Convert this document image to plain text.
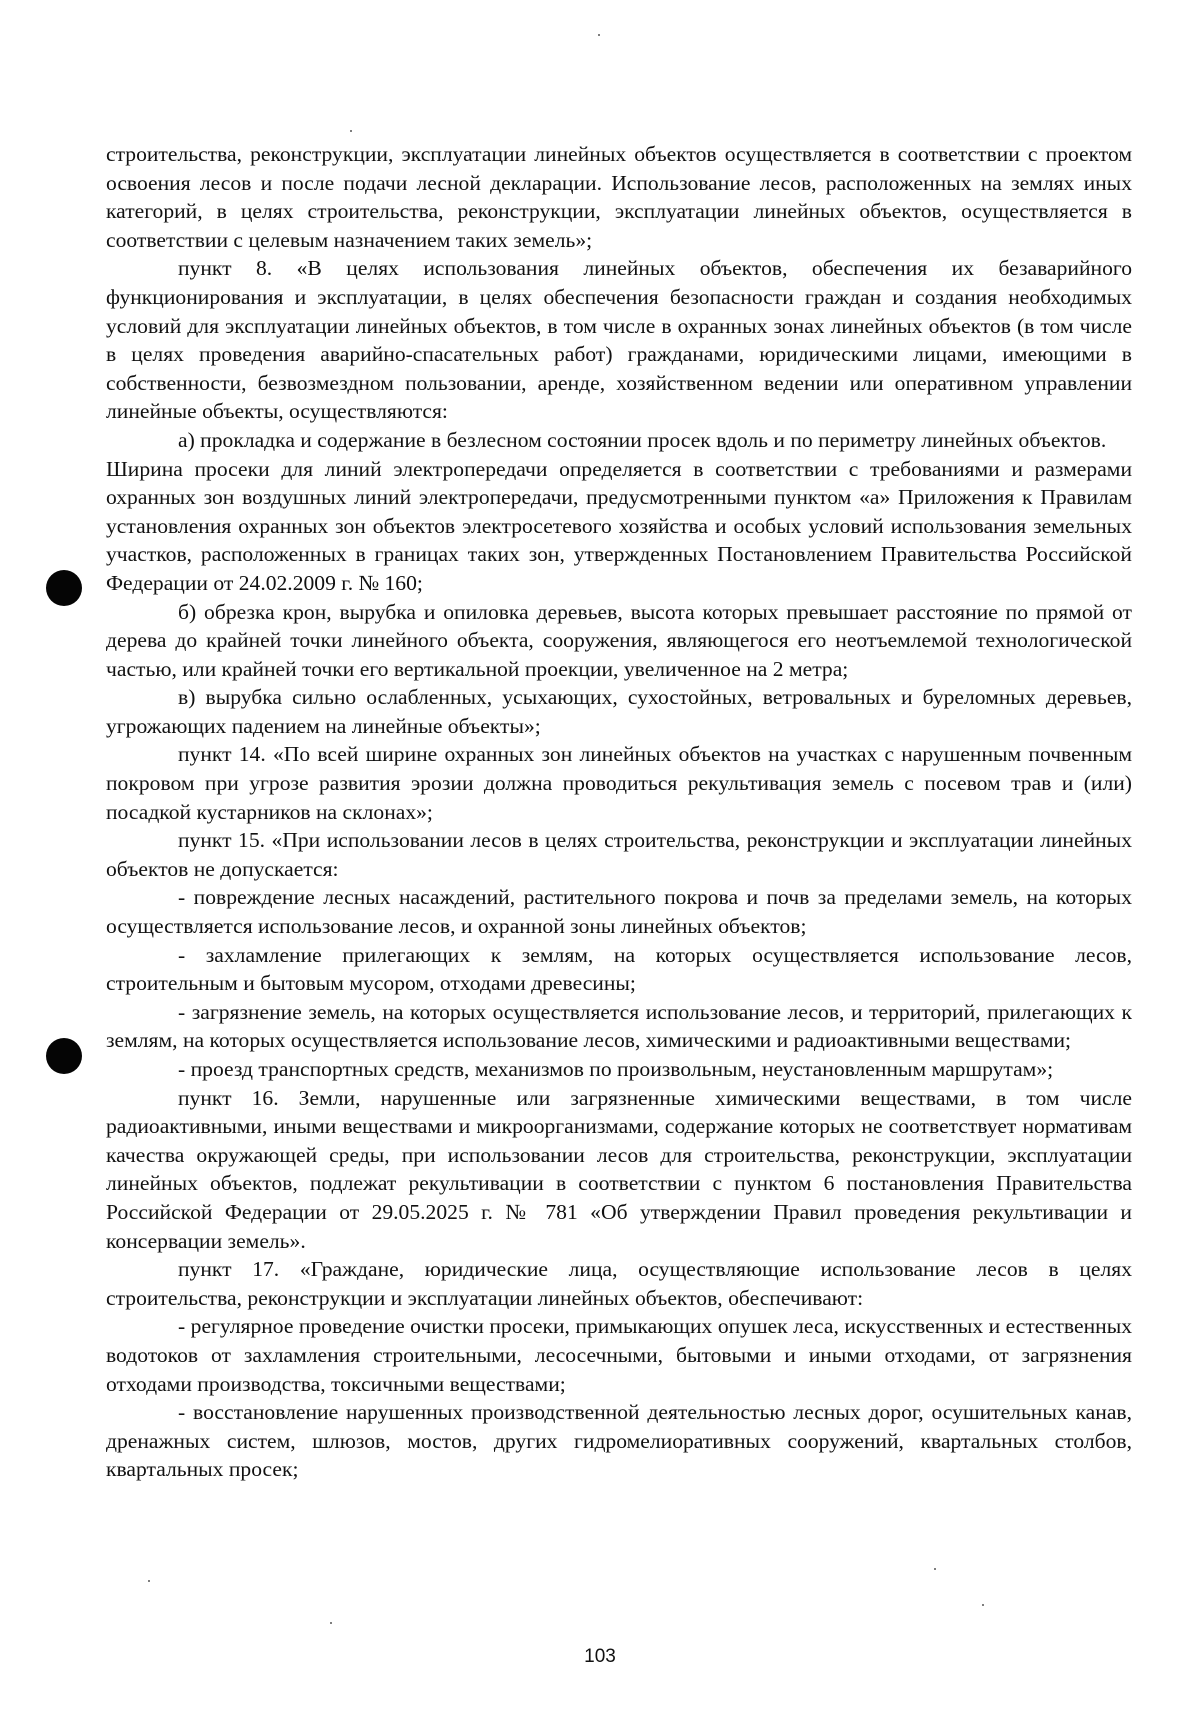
строительства, реконструкции, эксплуатации линейных объектов осуществляется в соответствии с проектом освоения лесов и после подачи лесной декларации. Использование лесов, расположенных на землях иных категорий, в целях строительства, реконструкции, эксплуатации линейных объектов, осуществляется в соответствии с целевым назначением таких земель»;

пункт 8. «В целях использования линейных объектов, обеспечения их безаварийного функционирования и эксплуатации, в целях обеспечения безопасности граждан и создания необходимых условий для эксплуатации линейных объектов, в том числе в охранных зонах линейных объектов (в том числе в целях проведения аварийно-спасательных работ) гражданами, юридическими лицами, имеющими в собственности, безвозмездном пользовании, аренде, хозяйственном ведении или оперативном управлении линейные объекты, осуществляются:

а) прокладка и содержание в безлесном состоянии просек вдоль и по периметру линейных объектов.

Ширина просеки для линий электропередачи определяется в соответствии с требованиями и размерами охранных зон воздушных линий электропередачи, предусмотренными пунктом «а» Приложения к Правилам установления охранных зон объектов электросетевого хозяйства и особых условий использования земельных участков, расположенных в границах таких зон, утвержденных Постановлением Правительства Российской Федерации от 24.02.2009 г. № 160;

б) обрезка крон, вырубка и опиловка деревьев, высота которых превышает расстояние по прямой от дерева до крайней точки линейного объекта, сооружения, являющегося его неотъемлемой технологической частью, или крайней точки его вертикальной проекции, увеличенное на 2 метра;

в) вырубка сильно ослабленных, усыхающих, сухостойных, ветровальных и буреломных деревьев, угрожающих падением на линейные объекты»;

пункт 14. «По всей ширине охранных зон линейных объектов на участках с нарушенным почвенным покровом при угрозе развития эрозии должна проводиться рекультивация земель с посевом трав и (или) посадкой кустарников на склонах»;

пункт 15. «При использовании лесов в целях строительства, реконструкции и эксплуатации линейных объектов не допускается:

- повреждение лесных насаждений, растительного покрова и почв за пределами земель, на которых осуществляется использование лесов, и охранной зоны линейных объектов;

- захламление прилегающих к землям, на которых осуществляется использование лесов, строительным и бытовым мусором, отходами древесины;

- загрязнение земель, на которых осуществляется использование лесов, и территорий, прилегающих к землям, на которых осуществляется использование лесов, химическими и радиоактивными веществами;

- проезд транспортных средств, механизмов по произвольным, неустановленным маршрутам»;

пункт 16. Земли, нарушенные или загрязненные химическими веществами, в том числе радиоактивными, иными веществами и микроорганизмами, содержание которых не соответствует нормативам качества окружающей среды, при использовании лесов для строительства, реконструкции, эксплуатации линейных объектов, подлежат рекультивации в соответствии с пунктом 6 постановления Правительства Российской Федерации от 29.05.2025 г. № 781 «Об утверждении Правил проведения рекультивации и консервации земель».

пункт 17. «Граждане, юридические лица, осуществляющие использование лесов в целях строительства, реконструкции и эксплуатации линейных объектов, обеспечивают:

- регулярное проведение очистки просеки, примыкающих опушек леса, искусственных и естественных водотоков от захламления строительными, лесосечными, бытовыми и иными отходами, от загрязнения отходами производства, токсичными веществами;

- восстановление нарушенных производственной деятельностью лесных дорог, осушительных канав, дренажных систем, шлюзов, мостов, других гидромелиоративных сооружений, квартальных столбов, квартальных просек;

103
